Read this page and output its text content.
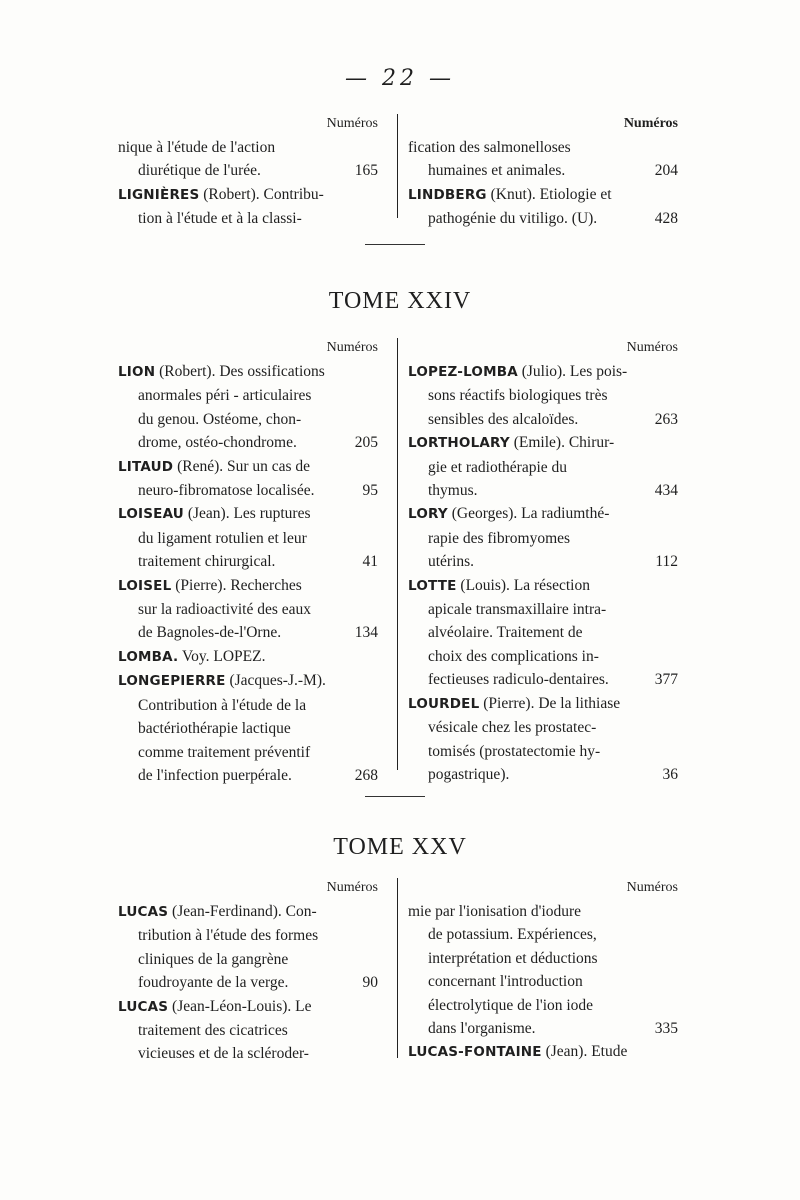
— 22 —
Numéros
nique à l'étude de l'action
diurétique de l'urée.	165
LIGNIÈRES (Robert). Contribu-
tion à l'étude et à la classi-
Numéros
fication des salmonelloses
humaines et animales.	204
LINDBERG (Knut). Etiologie et
pathogénie du vitiligo. (U).	428
TOME XXIV
Numéros
LION (Robert). Des ossifications
anormales péri - articulaires
du genou. Ostéome, chon-
drome, ostéo-chondrome.	205
LITAUD (René). Sur un cas de
neuro-fibromatose localisée.	95
LOISEAU (Jean). Les ruptures
du ligament rotulien et leur
traitement chirurgical.	41
LOISEL (Pierre). Recherches
sur la radioactivité des eaux
de Bagnoles-de-l'Orne.	134
LOMBA. Voy. LOPEZ.
LONGEPIERRE (Jacques-J.-M).
Contribution à l'étude de la
bactériothérapie lactique
comme traitement préventif
de l'infection puerpérale.	268
Numéros
LOPEZ-LOMBA (Julio). Les pois-
sons réactifs biologiques très
sensibles des alcaloïdes.	263
LORTHOLARY (Emile). Chirur-
gie et radiothérapie du
thymus.	434
LORY (Georges). La radiumthé-
rapie des fibromyomes
utérins.	112
LOTTE (Louis). La résection
apicale transmaxillaire intra-
alvéolaire. Traitement de
choix des complications in-
fectieuses radiculo-dentaires.	377
LOURDEL (Pierre). De la lithiase
vésicale chez les prostatec-
tomisés (prostatectomie hy-
pogastrique).	36
TOME XXV
Numéros
LUCAS (Jean-Ferdinand). Con-
tribution à l'étude des formes
cliniques de la gangrène
foudroyante de la verge.	90
LUCAS (Jean-Léon-Louis). Le
traitement des cicatrices
vicieuses et de la scléroder-
Numéros
mie par l'ionisation d'iodure
de potassium. Expériences,
interprétation et déductions
concernant l'introduction
électrolytique de l'ion iode
dans l'organisme.	335
LUCAS-FONTAINE (Jean). Etude
